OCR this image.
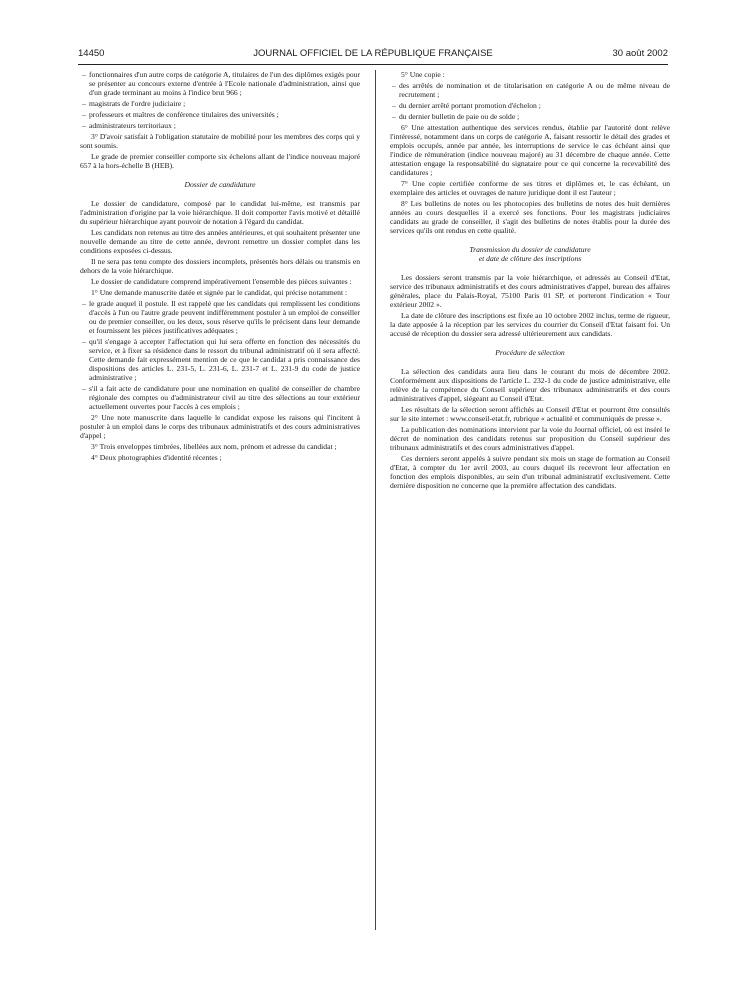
14450	JOURNAL OFFICIEL DE LA RÉPUBLIQUE FRANÇAISE	30 août 2002

– fonctionnaires d'un autre corps de catégorie A, titulaires de l'un des diplômes exigés pour se présenter au concours externe d'entrée à l'Ecole nationale d'administration, ainsi que d'un grade terminant au moins à l'indice brut 966 ;

– magistrats de l'ordre judiciaire ;

– professeurs et maîtres de conférence titulaires des universités ;

– administrateurs territoriaux ;

3° D'avoir satisfait à l'obligation statutaire de mobilité pour les membres des corps qui y sont soumis.

Le grade de premier conseiller comporte six échelons allant de l'indice nouveau majoré 657 à la hors-échelle B (HEB).

Dossier de candidature

Le dossier de candidature, composé par le candidat lui-même, est transmis par l'administration d'origine par la voie hiérarchique. Il doit comporter l'avis motivé et détaillé du supérieur hiérarchique ayant pouvoir de notation à l'égard du candidat.

Les candidats non retenus au titre des années antérieures, et qui souhaitent présenter une nouvelle demande au titre de cette année, devront remettre un dossier complet dans les conditions exposées ci-dessus.

Il ne sera pas tenu compte des dossiers incomplets, présentés hors délais ou transmis en dehors de la voie hiérarchique.

Le dossier de candidature comprend impérativement l'ensemble des pièces suivantes :

1° Une demande manuscrite datée et signée par le candidat, qui précise notamment :

– le grade auquel il postule. Il est rappelé que les candidats qui remplissent les conditions d'accès à l'un ou l'autre grade peuvent indifféremment postuler à un emploi de conseiller ou de premier conseiller, ou les deux, sous réserve qu'ils le précisent dans leur demande et fournissent les pièces justificatives adéquates ;

– qu'il s'engage à accepter l'affectation qui lui sera offerte en fonction des nécessités du service, et à fixer sa résidence dans le ressort du tribunal administratif où il sera affecté. Cette demande fait expressément mention de ce que le candidat a pris connaissance des dispositions des articles L. 231-5, L. 231-6, L. 231-7 et L. 231-9 du code de justice administrative ;

– s'il a fait acte de candidature pour une nomination en qualité de conseiller de chambre régionale des comptes ou d'administrateur civil au titre des sélections au tour extérieur actuellement ouvertes pour l'accès à ces emplois ;

2° Une note manuscrite dans laquelle le candidat expose les raisons qui l'incitent à postuler à un emploi dans le corps des tribunaux administratifs et des cours administratives d'appel ;

3° Trois enveloppes timbrées, libellées aux nom, prénom et adresse du candidat ;

4° Deux photographies d'identité récentes ;

5° Une copie :

– des arrêtés de nomination et de titularisation en catégorie A ou de même niveau de recrutement ;

– du dernier arrêté portant promotion d'échelon ;

– du dernier bulletin de paie ou de solde ;

6° Une attestation authentique des services rendus, établie par l'autorité dont relève l'intéressé, notamment dans un corps de catégorie A, faisant ressortir le détail des grades et emplois occupés, année par année, les interruptions de service le cas échéant ainsi que l'indice de rémunération (indice nouveau majoré) au 31 décembre de chaque année. Cette attestation engage la responsabilité du signataire pour ce qui concerne la recevabilité des candidatures ;

7° Une copie certifiée conforme de ses titres et diplômes et, le cas échéant, un exemplaire des articles et ouvrages de nature juridique dont il est l'auteur ;

8° Les bulletins de notes ou les photocopies des bulletins de notes des huit dernières années au cours desquelles il a exercé ses fonctions. Pour les magistrats judiciaires candidats au grade de conseiller, il s'agit des bulletins de notes établis pour la durée des services qu'ils ont rendus en cette qualité.

Transmission du dossier de candidature
et date de clôture des inscriptions

Les dossiers seront transmis par la voie hiérarchique, et adressés au Conseil d'Etat, service des tribunaux administratifs et des cours administratives d'appel, bureau des affaires générales, place du Palais-Royal, 75100 Paris 01 SP, et porteront l'indication « Tour extérieur 2002 ».

La date de clôture des inscriptions est fixée au 10 octobre 2002 inclus, terme de rigueur, la date apposée à la réception par les services du courrier du Conseil d'Etat faisant foi. Un accusé de réception du dossier sera adressé ultérieurement aux candidats.

Procédure de sélection

La sélection des candidats aura lieu dans le courant du mois de décembre 2002. Conformément aux dispositions de l'article L. 232-1 du code de justice administrative, elle relève de la compétence du Conseil supérieur des tribunaux administratifs et des cours administratives d'appel, siégeant au Conseil d'Etat.

Les résultats de la sélection seront affichés au Conseil d'Etat et pourront être consultés sur le site internet : www.conseil-etat.fr, rubrique « actualité et communiqués de presse ».

La publication des nominations intervient par la voie du Journal officiel, où est inséré le décret de nomination des candidats retenus sur proposition du Conseil supérieur des tribunaux administratifs et des cours administratives d'appel.

Ces derniers seront appelés à suivre pendant six mois un stage de formation au Conseil d'Etat, à compter du 1er avril 2003, au cours duquel ils recevront leur affectation en fonction des emplois disponibles, au sein d'un tribunal administratif exclusivement. Cette dernière disposition ne concerne que la première affectation des candidats.
